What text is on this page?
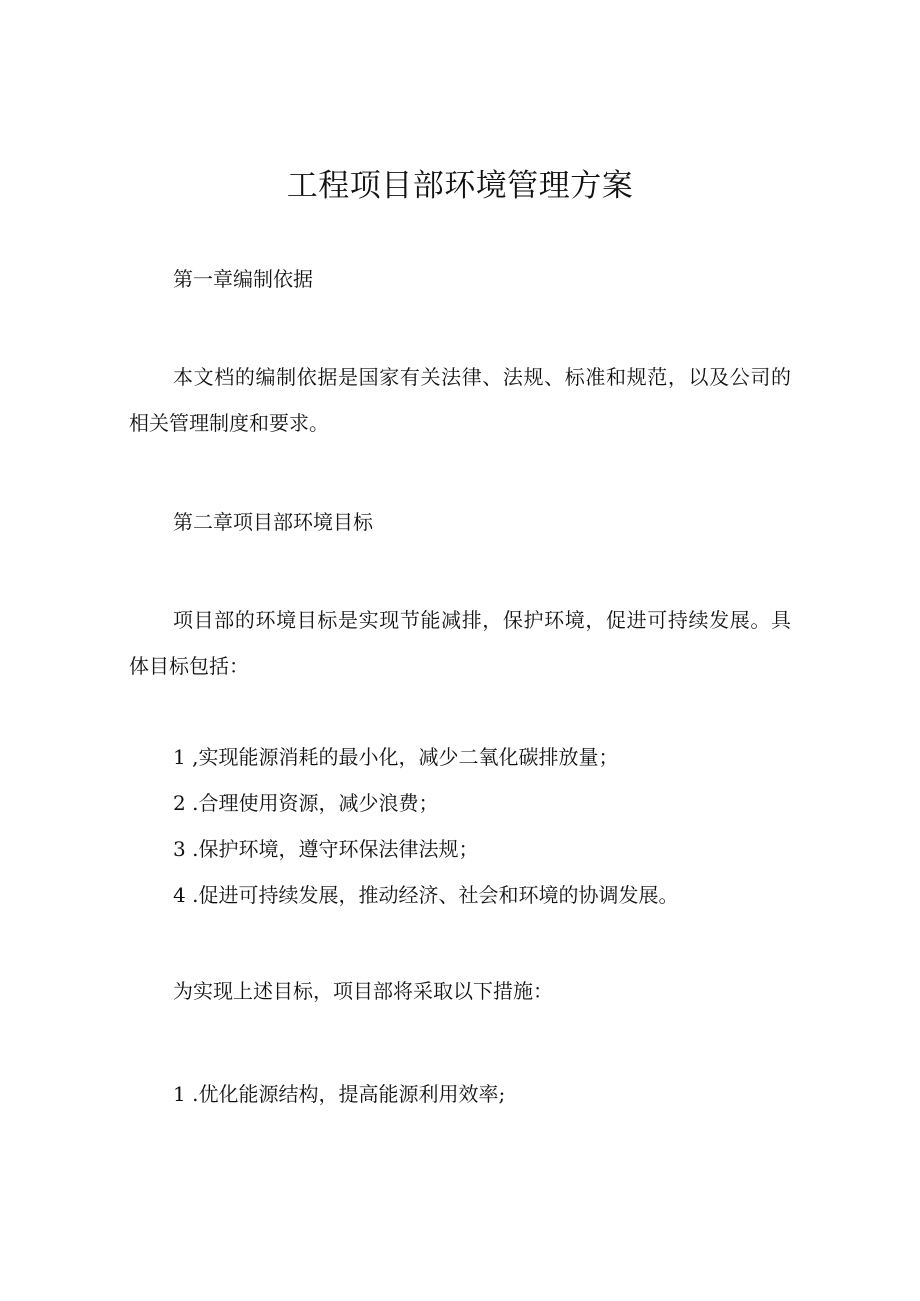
工程项目部环境管理方案
第一章编制依据

本文档的编制依据是国家有关法律、法规、标准和规范，以及公司的相关管理制度和要求。

第二章项目部环境目标

项目部的环境目标是实现节能减排，保护环境，促进可持续发展。具体目标包括：

1 ,实现能源消耗的最小化，减少二氧化碳排放量；

2 .合理使用资源，减少浪费；

3 .保护环境，遵守环保法律法规；

4 .促进可持续发展，推动经济、社会和环境的协调发展。

为实现上述目标，项目部将采取以下措施：

1 .优化能源结构，提高能源利用效率;
